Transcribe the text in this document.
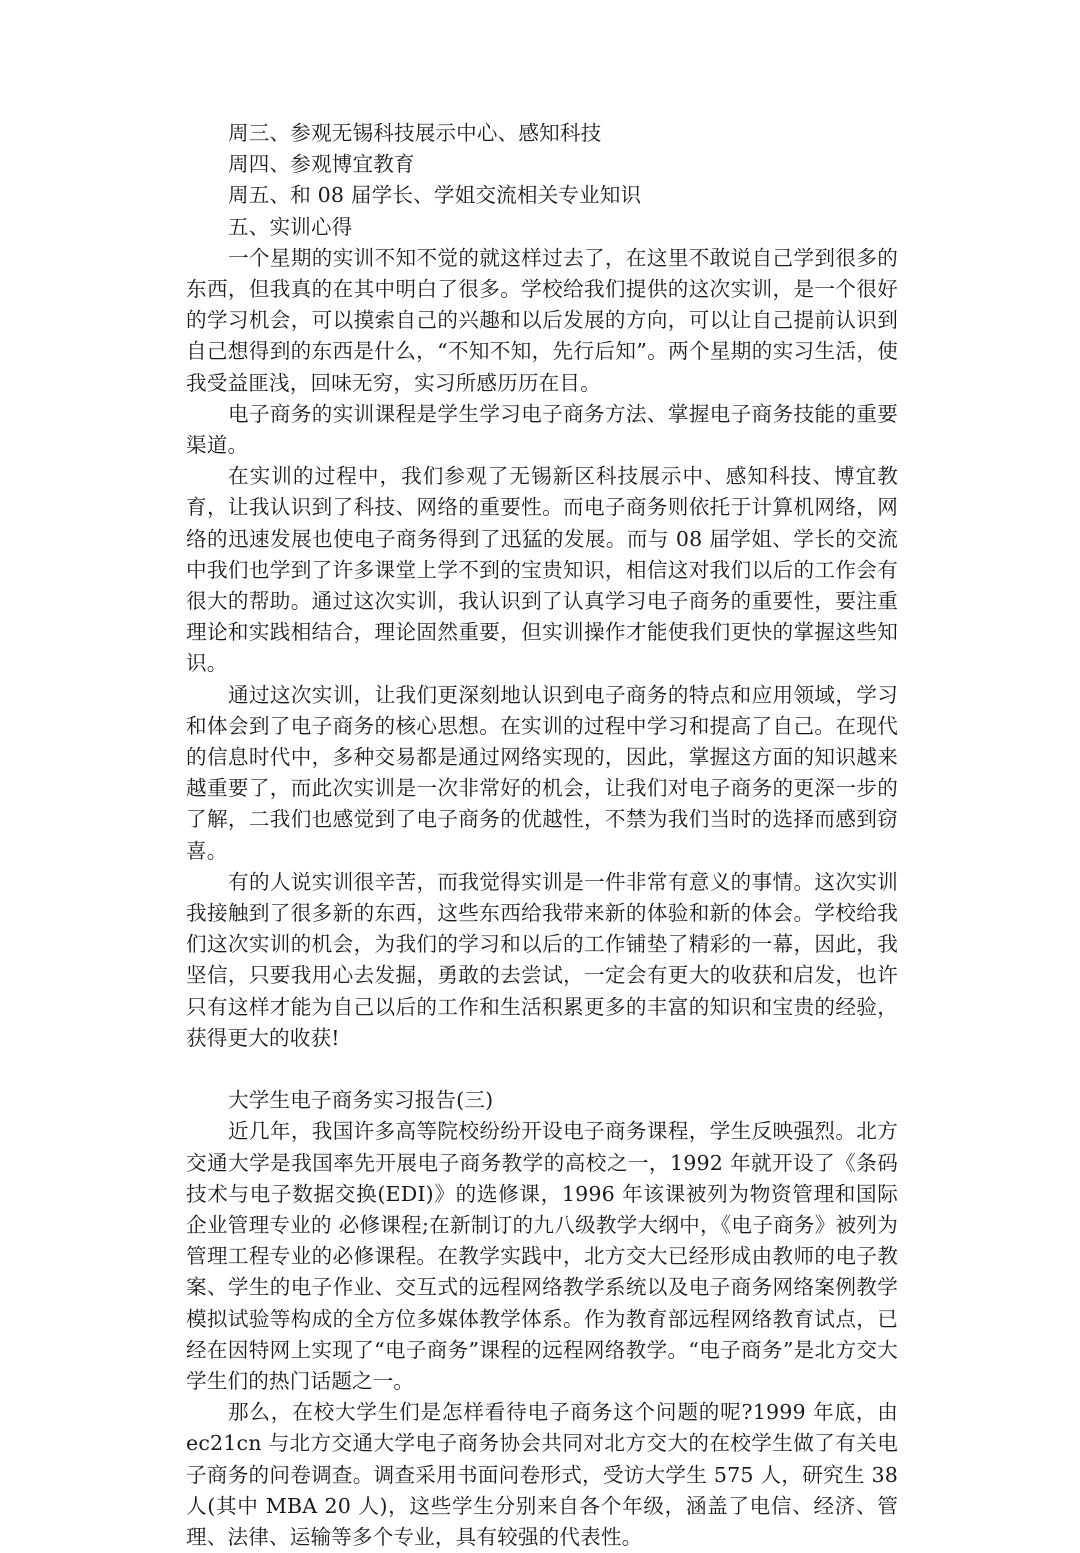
周三、参观无锡科技展示中心、感知科技

周四、参观博宜教育

周五、和 08 届学长、学姐交流相关专业知识

五、实训心得

一个星期的实训不知不觉的就这样过去了，在这里不敢说自己学到很多的东西，但我真的在其中明白了很多。学校给我们提供的这次实训，是一个很好的学习机会，可以摸索自己的兴趣和以后发展的方向，可以让自己提前认识到自己想得到的东西是什么，“不知不知，先行后知”。两个星期的实习生活，使我受益匪浅，回味无穷，实习所感历历在目。

电子商务的实训课程是学生学习电子商务方法、掌握电子商务技能的重要渠道。

在实训的过程中，我们参观了无锡新区科技展示中、感知科技、博宜教育，让我认识到了科技、网络的重要性。而电子商务则依托于计算机网络，网络的迅速发展也使电子商务得到了迅猛的发展。而与 08 届学姐、学长的交流中我们也学到了许多课堂上学不到的宝贵知识，相信这对我们以后的工作会有很大的帮助。通过这次实训，我认识到了认真学习电子商务的重要性，要注重理论和实践相结合，理论固然重要，但实训操作才能使我们更快的掌握这些知识。

通过这次实训，让我们更深刻地认识到电子商务的特点和应用领域，学习和体会到了电子商务的核心思想。在实训的过程中学习和提高了自己。在现代的信息时代中，多种交易都是通过网络实现的，因此，掌握这方面的知识越来越重要了，而此次实训是一次非常好的机会，让我们对电子商务的更深一步的了解，二我们也感觉到了电子商务的优越性，不禁为我们当时的选择而感到窃喜。

有的人说实训很辛苦，而我觉得实训是一件非常有意义的事情。这次实训我接触到了很多新的东西，这些东西给我带来新的体验和新的体会。学校给我们这次实训的机会，为我们的学习和以后的工作铺垫了精彩的一幕，因此，我坚信，只要我用心去发掘，勇敢的去尝试，一定会有更大的收获和启发，也许只有这样才能为自己以后的工作和生活积累更多的丰富的知识和宝贵的经验，获得更大的收获!

大学生电子商务实习报告(三)

近几年，我国许多高等院校纷纷开设电子商务课程，学生反映强烈。北方交通大学是我国率先开展电子商务教学的高校之一，1992 年就开设了《条码技术与电子数据交换(EDI)》的选修课，1996 年该课被列为物资管理和国际企业管理专业的 必修课程;在新制订的九八级教学大纲中，《电子商务》被列为管理工程专业的必修课程。在教学实践中，北方交大已经形成由教师的电子教案、学生的电子作业、交互式的远程网络教学系统以及电子商务网络案例教学模拟试验等构成的全方位多媒体教学体系。作为教育部远程网络教育试点，已经在因特网上实现了“电子商务”课程的远程网络教学。“电子商务”是北方交大学生们的热门话题之一。

那么，在校大学生们是怎样看待电子商务这个问题的呢?1999 年底，由 ec21cn 与北方交通大学电子商务协会共同对北方交大的在校学生做了有关电子商务的问卷调查。调查采用书面问卷形式，受访大学生 575 人，研究生 38 人(其中 MBA 20 人)，这些学生分别来自各个年级，涵盖了电信、经济、管理、法律、运输等多个专业，具有较强的代表性。
